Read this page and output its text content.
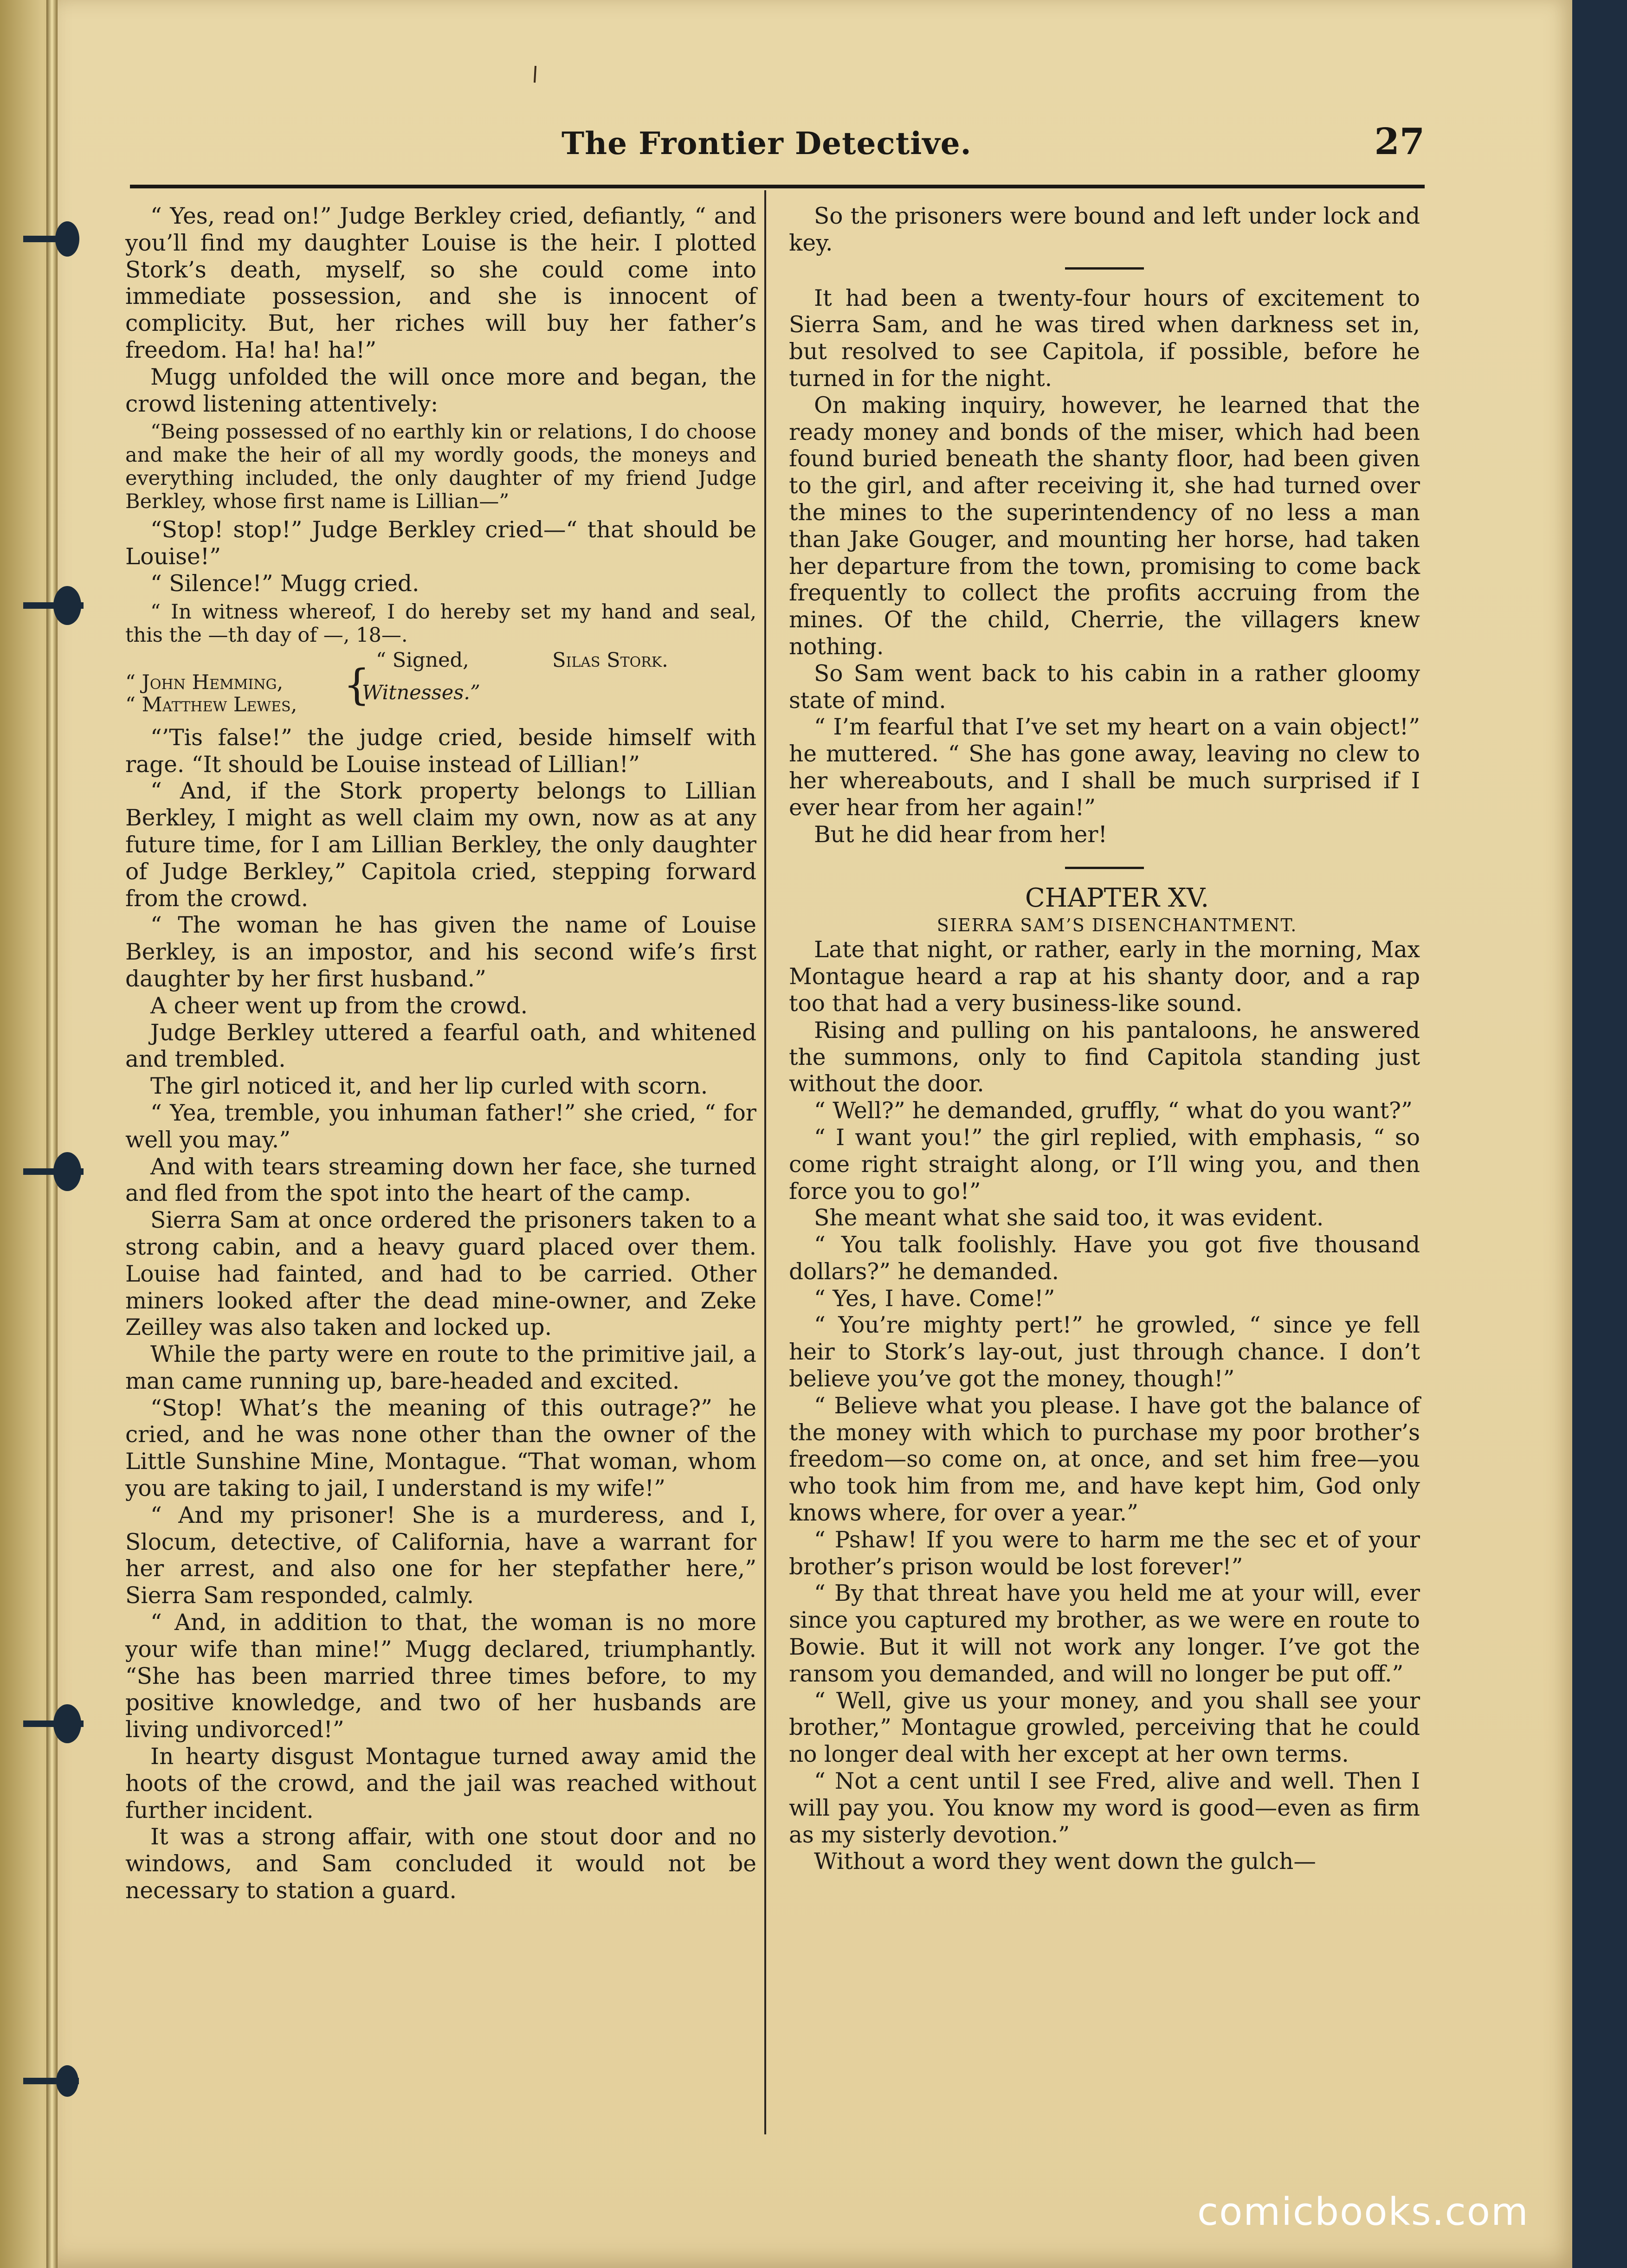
The Frontier Detective.	27

“ Yes, read on!” Judge Berkley cried, defiantly, “ and you’ll find my daughter Louise is the heir. I plotted Stork’s death, myself, so she could come into immediate possession, and she is innocent of complicity. But, her riches will buy her father’s freedom. Ha! ha! ha!”

Mugg unfolded the will once more and began, the crowd listening attentively:

“Being possessed of no earthly kin or relations, I do choose and make the heir of all my wordly goods, the moneys and everything included, the only daughter of my friend Judge Berkley, whose first name is Lillian—”

“Stop! stop!” Judge Berkley cried—“ that should be Louise!”

“ Silence!” Mugg cried.

“ In witness whereof, I do hereby set my hand and seal, this the —th day of —, 18—.

“ Signed,	Silas Stork.
“ John Hemming,
“ Matthew Lewes, {
Witnesses.”

“’Tis false!” the judge cried, beside himself with rage. “It should be Louise instead of Lillian!”

“ And, if the Stork property belongs to Lillian Berkley, I might as well claim my own, now as at any future time, for I am Lillian Berkley, the only daughter of Judge Berkley,” Capitola cried, stepping forward from the crowd.

“ The woman he has given the name of Louise Berkley, is an impostor, and his second wife’s first daughter by her first husband.”

A cheer went up from the crowd.

Judge Berkley uttered a fearful oath, and whitened and trembled.

The girl noticed it, and her lip curled with scorn.

“ Yea, tremble, you inhuman father!” she cried, “ for well you may.”

And with tears streaming down her face, she turned and fled from the spot into the heart of the camp.

Sierra Sam at once ordered the prisoners taken to a strong cabin, and a heavy guard placed over them. Louise had fainted, and had to be carried. Other miners looked after the dead mine-owner, and Zeke Zeilley was also taken and locked up.

While the party were en route to the primitive jail, a man came running up, bare-headed and excited.

“Stop! What’s the meaning of this outrage?” he cried, and he was none other than the owner of the Little Sunshine Mine, Montague. “That woman, whom you are taking to jail, I understand is my wife!”

“ And my prisoner! She is a murderess, and I, Slocum, detective, of California, have a warrant for her arrest, and also one for her stepfather here,” Sierra Sam responded, calmly.

“ And, in addition to that, the woman is no more your wife than mine!” Mugg declared, triumphantly. “She has been married three times before, to my positive knowledge, and two of her husbands are living undivorced!”

In hearty disgust Montague turned away amid the hoots of the crowd, and the jail was reached without further incident.

It was a strong affair, with one stout door and no windows, and Sam concluded it would not be necessary to station a guard.

So the prisoners were bound and left under lock and key.

It had been a twenty-four hours of excitement to Sierra Sam, and he was tired when darkness set in, but resolved to see Capitola, if possible, before he turned in for the night.

On making inquiry, however, he learned that the ready money and bonds of the miser, which had been found buried beneath the shanty floor, had been given to the girl, and after receiving it, she had turned over the mines to the superintendency of no less a man than Jake Gouger, and mounting her horse, had taken her departure from the town, promising to come back frequently to collect the profits accruing from the mines. Of the child, Cherrie, the villagers knew nothing.

So Sam went back to his cabin in a rather gloomy state of mind.

“ I’m fearful that I’ve set my heart on a vain object!” he muttered. “ She has gone away, leaving no clew to her whereabouts, and I shall be much surprised if I ever hear from her again!”

But he did hear from her!

CHAPTER XV.

SIERRA SAM’S DISENCHANTMENT.

Late that night, or rather, early in the morning, Max Montague heard a rap at his shanty door, and a rap too that had a very business-like sound.

Rising and pulling on his pantaloons, he answered the summons, only to find Capitola standing just without the door.

“ Well?” he demanded, gruffly, “ what do you want?”

“ I want you!” the girl replied, with emphasis, “ so come right straight along, or I’ll wing you, and then force you to go!”

She meant what she said too, it was evident.

“ You talk foolishly. Have you got five thousand dollars?” he demanded.

“ Yes, I have. Come!”

“ You’re mighty pert!” he growled, “ since ye fell heir to Stork’s lay-out, just through chance. I don’t believe you’ve got the money, though!”

“ Believe what you please. I have got the balance of the money with which to purchase my poor brother’s freedom—so come on, at once, and set him free—you who took him from me, and have kept him, God only knows where, for over a year.”

“ Pshaw! If you were to harm me the sec et of your brother’s prison would be lost forever!”

“ By that threat have you held me at your will, ever since you captured my brother, as we were en route to Bowie. But it will not work any longer. I’ve got the ransom you demanded, and will no longer be put off.”

“ Well, give us your money, and you shall see your brother,” Montague growled, perceiving that he could no longer deal with her except at her own terms.

“ Not a cent until I see Fred, alive and well. Then I will pay you. You know my word is good—even as firm as my sisterly devotion.”

Without a word they went down the gulch—

comicbooks.com
